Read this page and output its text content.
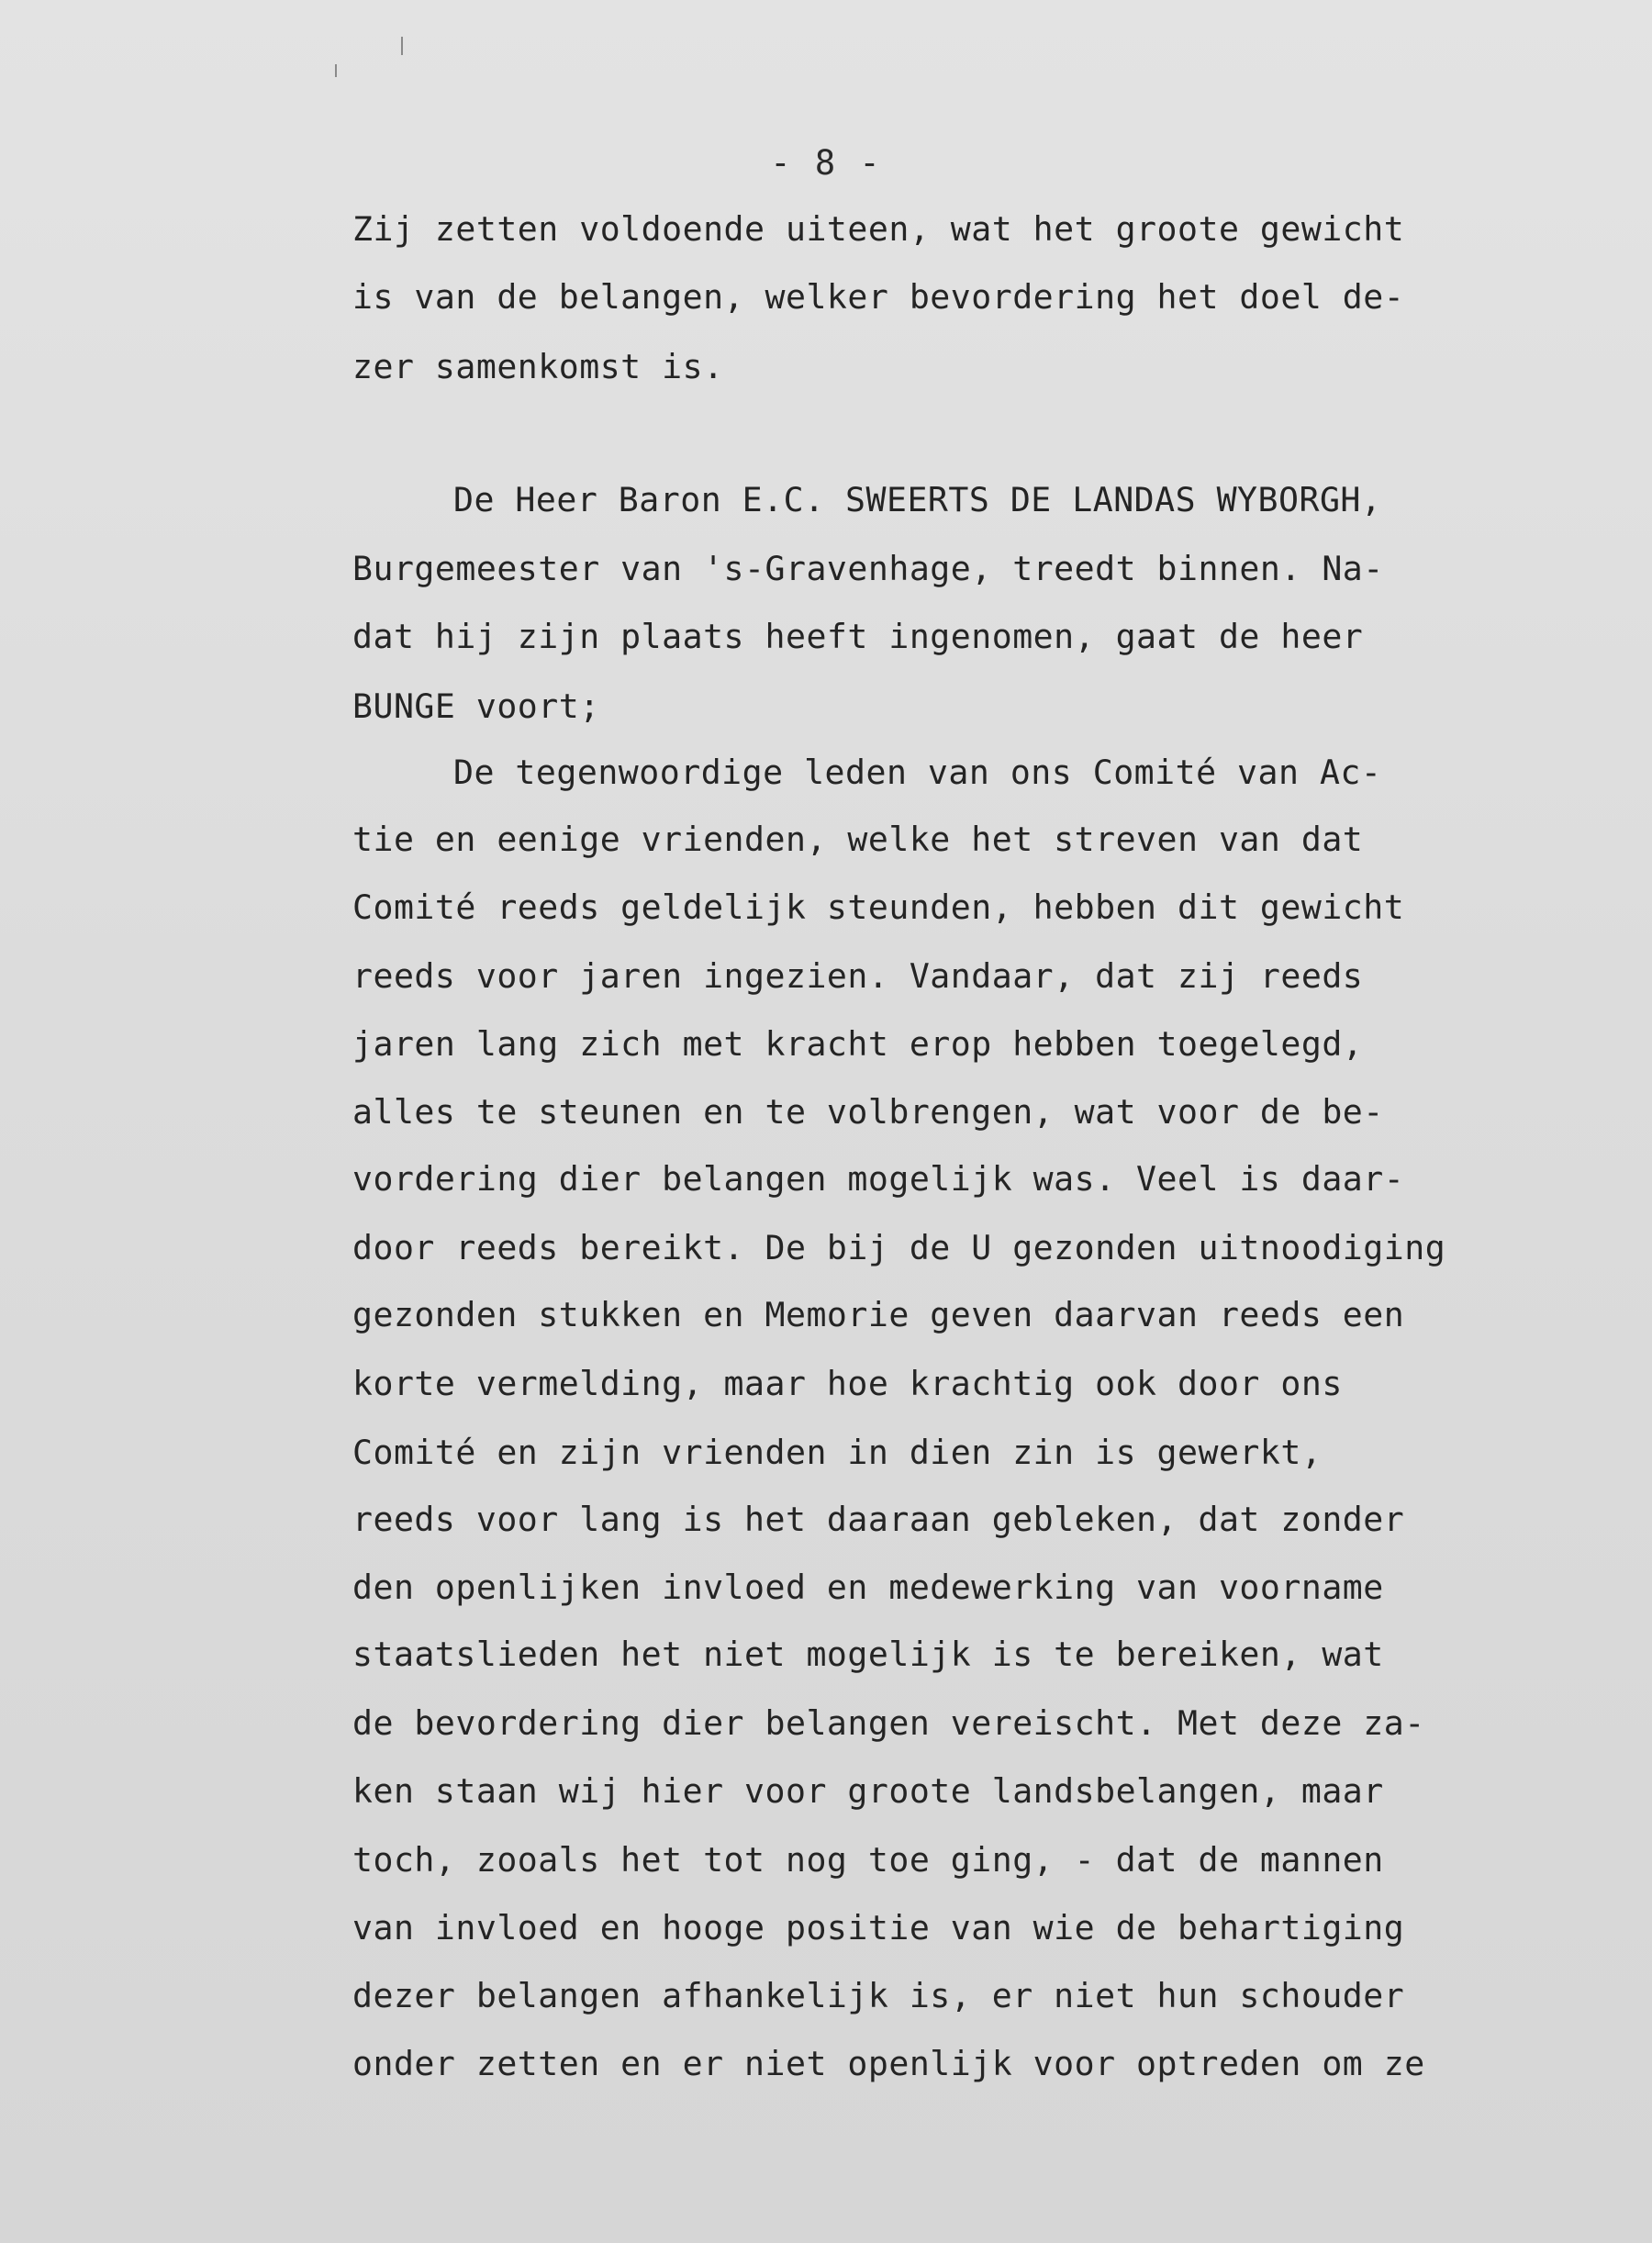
- 8 -
Zij zetten voldoende uiteen, wat het groote gewicht
is van de belangen, welker bevordering het doel de-
zer samenkomst is.
De Heer Baron E.C. SWEERTS DE LANDAS WYBORGH,
Burgemeester van 's-Gravenhage, treedt binnen. Na-
dat hij zijn plaats heeft ingenomen, gaat de heer
BUNGE voort;
De tegenwoordige leden van ons Comité van Ac-
tie en eenige vrienden, welke het streven van dat
Comité reeds geldelijk steunden, hebben dit gewicht
reeds voor jaren ingezien. Vandaar, dat zij reeds
jaren lang zich met kracht erop hebben toegelegd,
alles te steunen en te volbrengen, wat voor de be-
vordering dier belangen mogelijk was. Veel is daar-
door reeds bereikt. De bij de U gezonden uitnoodiging
gezonden stukken en Memorie geven daarvan reeds een
korte vermelding, maar hoe krachtig ook door ons
Comité en zijn vrienden in dien zin is gewerkt,
reeds voor lang is het daaraan gebleken, dat zonder
den openlijken invloed en medewerking van voorname
staatslieden het niet mogelijk is te bereiken, wat
de bevordering dier belangen vereischt. Met deze za-
ken staan wij hier voor groote landsbelangen, maar
toch, zooals het tot nog toe ging, - dat de mannen
van invloed en hooge positie van wie de behartiging
dezer belangen afhankelijk is, er niet hun schouder
onder zetten en er niet openlijk voor optreden om ze
